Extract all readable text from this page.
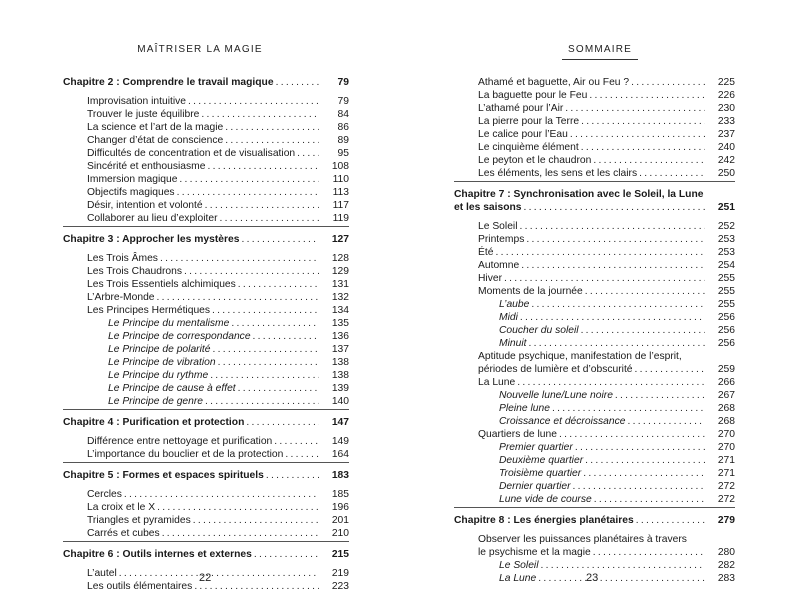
MAÎTRISER LA MAGIE
Chapitre 2 : Comprendre le travail magique . . .	79
Improvisation intuitive . . .	79
Trouver le juste équilibre . . .	84
La science et l’art de la magie . . .	86
Changer d’état de conscience . . .	89
Difficultés de concentration et de visualisation . . .	95
Sincérité et enthousiasme . . .	108
Immersion magique . . .	110
Objectifs magiques . . .	113
Désir, intention et volonté . . .	117
Collaborer au lieu d’exploiter . . .	119
Chapitre 3 : Approcher les mystères . . .	127
Les Trois Âmes . . .	128
Les Trois Chaudrons . . .	129
Les Trois Essentiels alchimiques . . .	131
L’Arbre-Monde . . .	132
Les Principes Hermétiques . . .	134
Le Principe du mentalisme . . .	135
Le Principe de correspondance . . .	136
Le Principe de polarité . . .	137
Le Principe de vibration . . .	138
Le Principe du rythme . . .	138
Le Principe de cause à effet . . .	139
Le Principe de genre . . .	140
Chapitre 4 : Purification et protection . . .	147
Différence entre nettoyage et purification . . .	149
L’importance du bouclier et de la protection . . .	164
Chapitre 5 : Formes et espaces spirituels . . .	183
Cercles . . .	185
La croix et le X . . .	196
Triangles et pyramides . . .	201
Carrés et cubes . . .	210
Chapitre 6 : Outils internes et externes . . .	215
L’autel . . .	219
Les outils élémentaires . . .	223
22
SOMMAIRE
Athamé et baguette, Air ou Feu ? . . .	225
La baguette pour le Feu . . .	226
L’athamé pour l’Air . . .	230
La pierre pour la Terre . . .	233
Le calice pour l’Eau . . .	237
Le cinquième élément . . .	240
Le peyton et le chaudron . . .	242
Les éléments, les sens et les clairs . . .	250
Chapitre 7 : Synchronisation avec le Soleil, la Lune
et les saisons . . .	251
Le Soleil . . .	252
Printemps . . .	253
Été . . .	253
Automne . . .	254
Hiver . . .	255
Moments de la journée . . .	255
L’aube . . .	255
Midi . . .	256
Coucher du soleil . . .	256
Minuit . . .	256
Aptitude psychique, manifestation de l’esprit,
périodes de lumière et d’obscurité . . .	259
La Lune . . .	266
Nouvelle lune/Lune noire . . .	267
Pleine lune . . .	268
Croissance et décroissance . . .	268
Quartiers de lune . . .	270
Premier quartier . . .	270
Deuxième quartier . . .	271
Troisième quartier . . .	271
Dernier quartier . . .	272
Lune vide de course . . .	272
Chapitre 8 : Les énergies planétaires . . .	279
Observer les puissances planétaires à travers
le psychisme et la magie . . .	280
Le Soleil . . .	282
La Lune . . .	283
23
